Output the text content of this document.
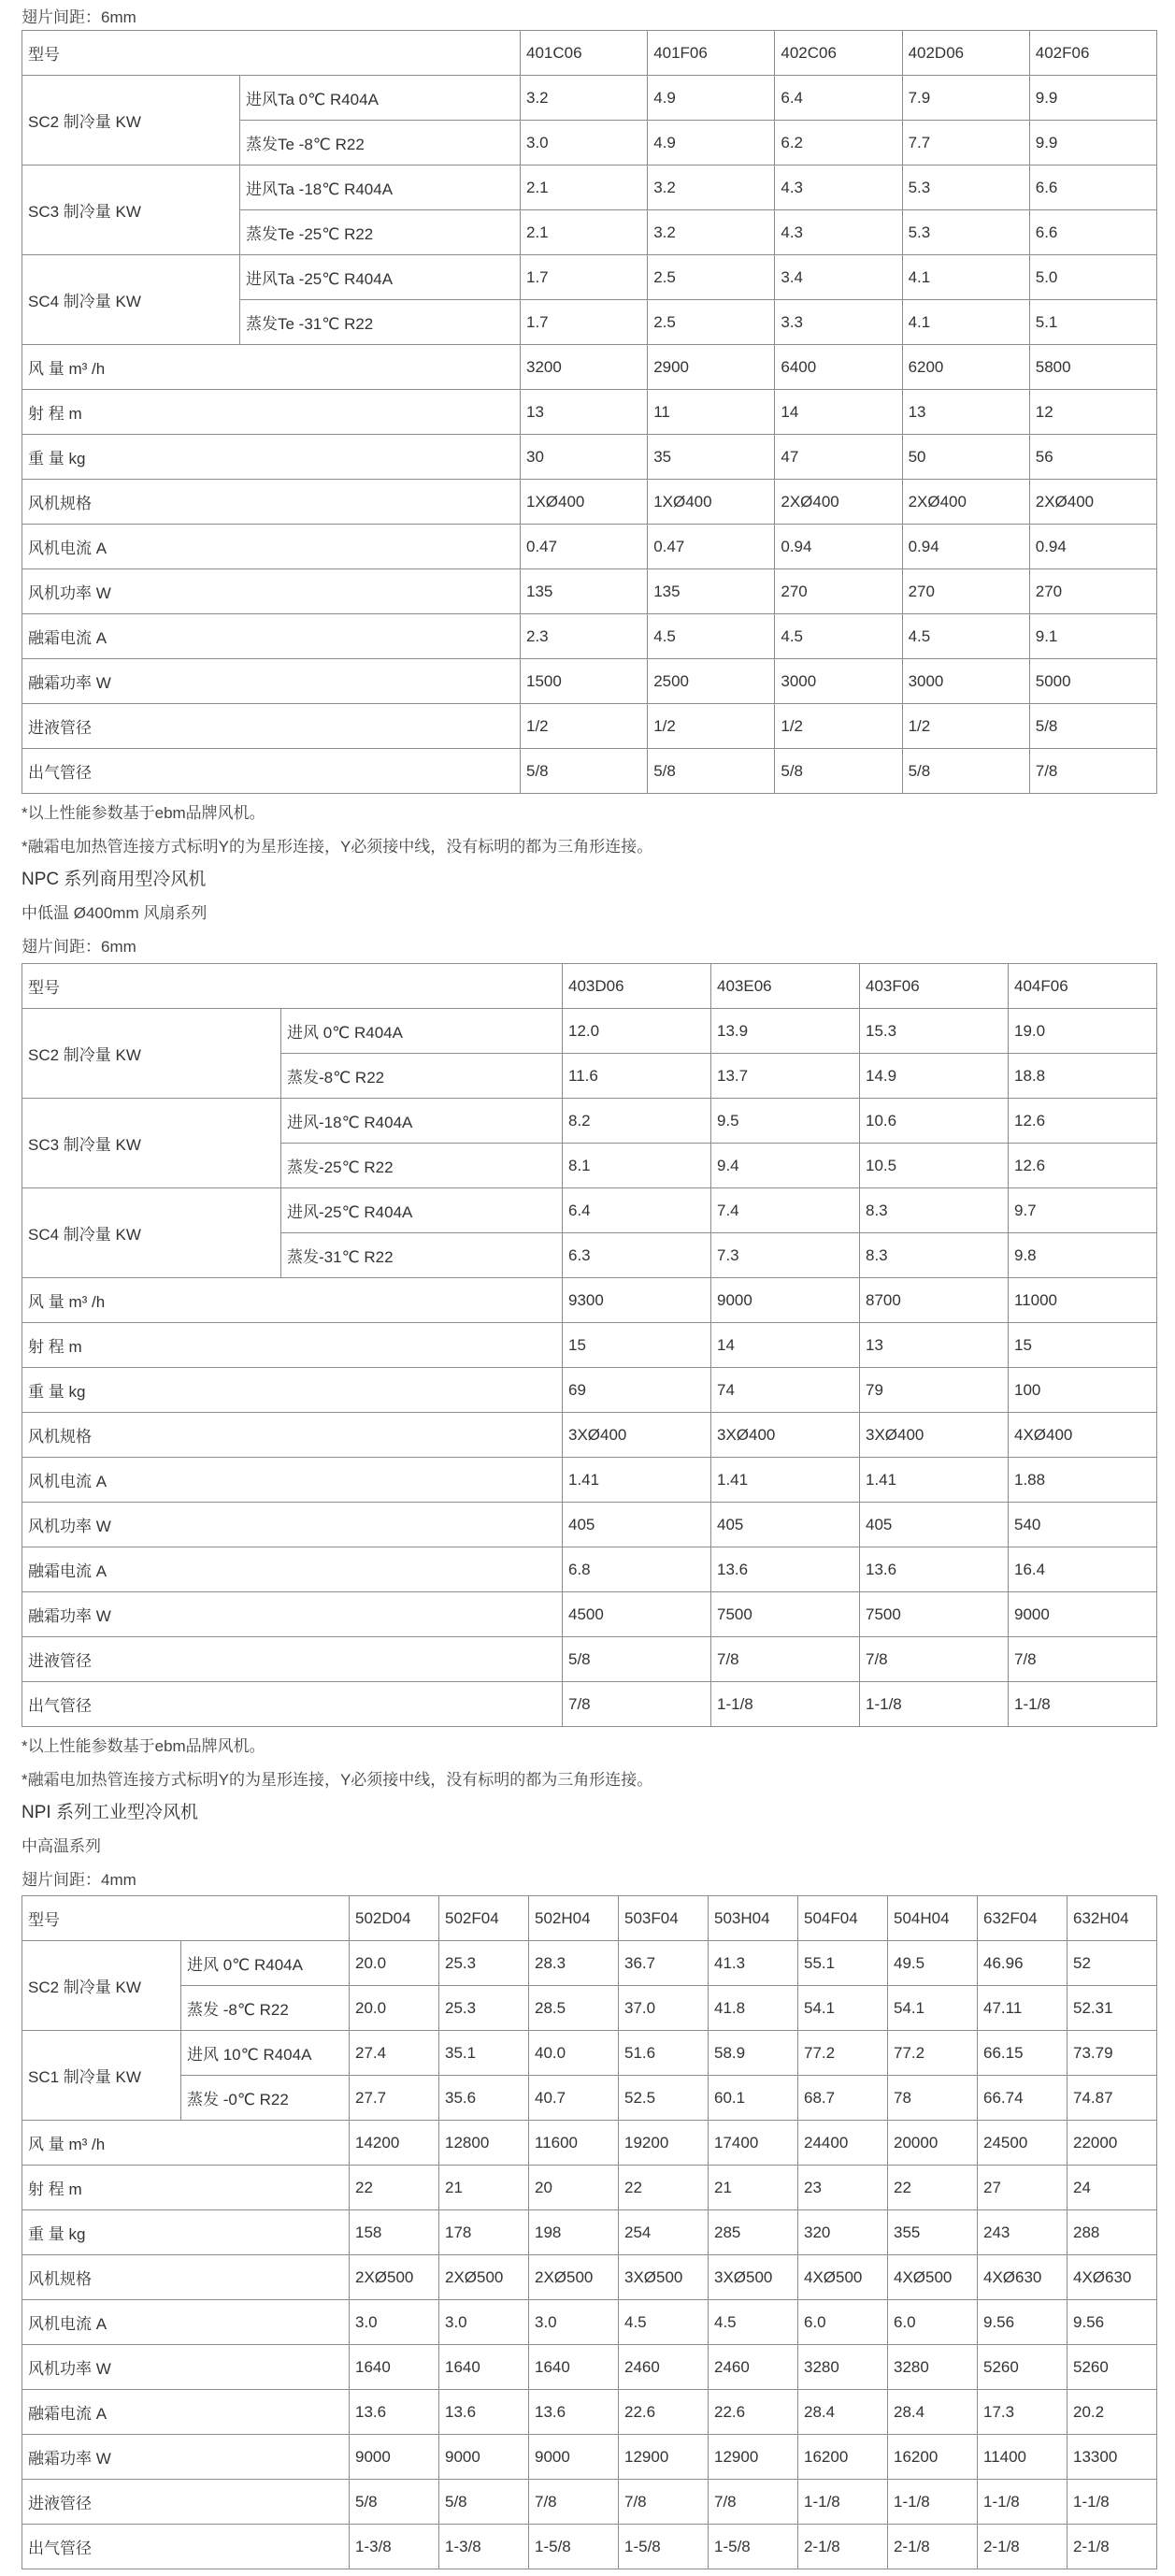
翅片间距：6mm

型号		401C06	401F06	402C06	402D06	402F06
SC2 制冷量 KW	进风Ta 0℃ R404A	3.2	4.9	6.4	7.9	9.9
	蒸发Te -8℃ R22	3.0	4.9	6.2	7.7	9.9
SC3 制冷量 KW	进风Ta -18℃ R404A	2.1	3.2	4.3	5.3	6.6
	蒸发Te -25℃ R22	2.1	3.2	4.3	5.3	6.6
SC4 制冷量 KW	进风Ta -25℃ R404A	1.7	2.5	3.4	4.1	5.0
	蒸发Te -31℃ R22	1.7	2.5	3.3	4.1	5.1
风 量 m³ /h		3200	2900	6400	6200	5800
射 程 m		13	11	14	13	12
重 量 kg		30	35	47	50	56
风机规格		1XØ400	1XØ400	2XØ400	2XØ400	2XØ400
风机电流 A		0.47	0.47	0.94	0.94	0.94
风机功率 W		135	135	270	270	270
融霜电流 A		2.3	4.5	4.5	4.5	9.1
融霜功率 W		1500	2500	3000	3000	5000
进液管径		1/2	1/2	1/2	1/2	5/8
出气管径		5/8	5/8	5/8	5/8	7/8

*以上性能参数基于ebm品牌风机。

*融霜电加热管连接方式标明Y的为星形连接，Y必须接中线，没有标明的都为三角形连接。

NPC 系列商用型冷风机

中低温 Ø400mm 风扇系列

翅片间距：6mm

型号		403D06	403E06	403F06	404F06
SC2 制冷量 KW	进风 0℃ R404A	12.0	13.9	15.3	19.0
	蒸发-8℃ R22	11.6	13.7	14.9	18.8
SC3 制冷量 KW	进风-18℃ R404A	8.2	9.5	10.6	12.6
	蒸发-25℃ R22	8.1	9.4	10.5	12.6
SC4 制冷量 KW	进风-25℃ R404A	6.4	7.4	8.3	9.7
	蒸发-31℃ R22	6.3	7.3	8.3	9.8
风 量 m³ /h		9300	9000	8700	11000
射 程 m		15	14	13	15
重 量 kg		69	74	79	100
风机规格		3XØ400	3XØ400	3XØ400	4XØ400
风机电流 A		1.41	1.41	1.41	1.88
风机功率 W		405	405	405	540
融霜电流 A		6.8	13.6	13.6	16.4
融霜功率 W		4500	7500	7500	9000
进液管径		5/8	7/8	7/8	7/8
出气管径		7/8	1-1/8	1-1/8	1-1/8

*以上性能参数基于ebm品牌风机。

*融霜电加热管连接方式标明Y的为星形连接，Y必须接中线，没有标明的都为三角形连接。

NPI 系列工业型冷风机

中高温系列

翅片间距：4mm

型号		502D04	502F04	502H04	503F04	503H04	504F04	504H04	632F04	632H04
SC2 制冷量 KW	进风 0℃ R404A	20.0	25.3	28.3	36.7	41.3	55.1	49.5	46.96	52
	蒸发 -8℃ R22	20.0	25.3	28.5	37.0	41.8	54.1	54.1	47.11	52.31
SC1 制冷量 KW	进风 10℃ R404A	27.4	35.1	40.0	51.6	58.9	77.2	77.2	66.15	73.79
	蒸发 -0℃ R22	27.7	35.6	40.7	52.5	60.1	68.7	78	66.74	74.87
风 量 m³ /h		14200	12800	11600	19200	17400	24400	20000	24500	22000
射 程 m		22	21	20	22	21	23	22	27	24
重 量 kg		158	178	198	254	285	320	355	243	288
风机规格		2XØ500	2XØ500	2XØ500	3XØ500	3XØ500	4XØ500	4XØ500	4XØ630	4XØ630
风机电流 A		3.0	3.0	3.0	4.5	4.5	6.0	6.0	9.56	9.56
风机功率 W		1640	1640	1640	2460	2460	3280	3280	5260	5260
融霜电流 A		13.6	13.6	13.6	22.6	22.6	28.4	28.4	17.3	20.2
融霜功率 W		9000	9000	9000	12900	12900	16200	16200	11400	13300
进液管径		5/8	5/8	7/8	7/8	7/8	1-1/8	1-1/8	1-1/8	1-1/8
出气管径		1-3/8	1-3/8	1-5/8	1-5/8	1-5/8	2-1/8	2-1/8	2-1/8	2-1/8
